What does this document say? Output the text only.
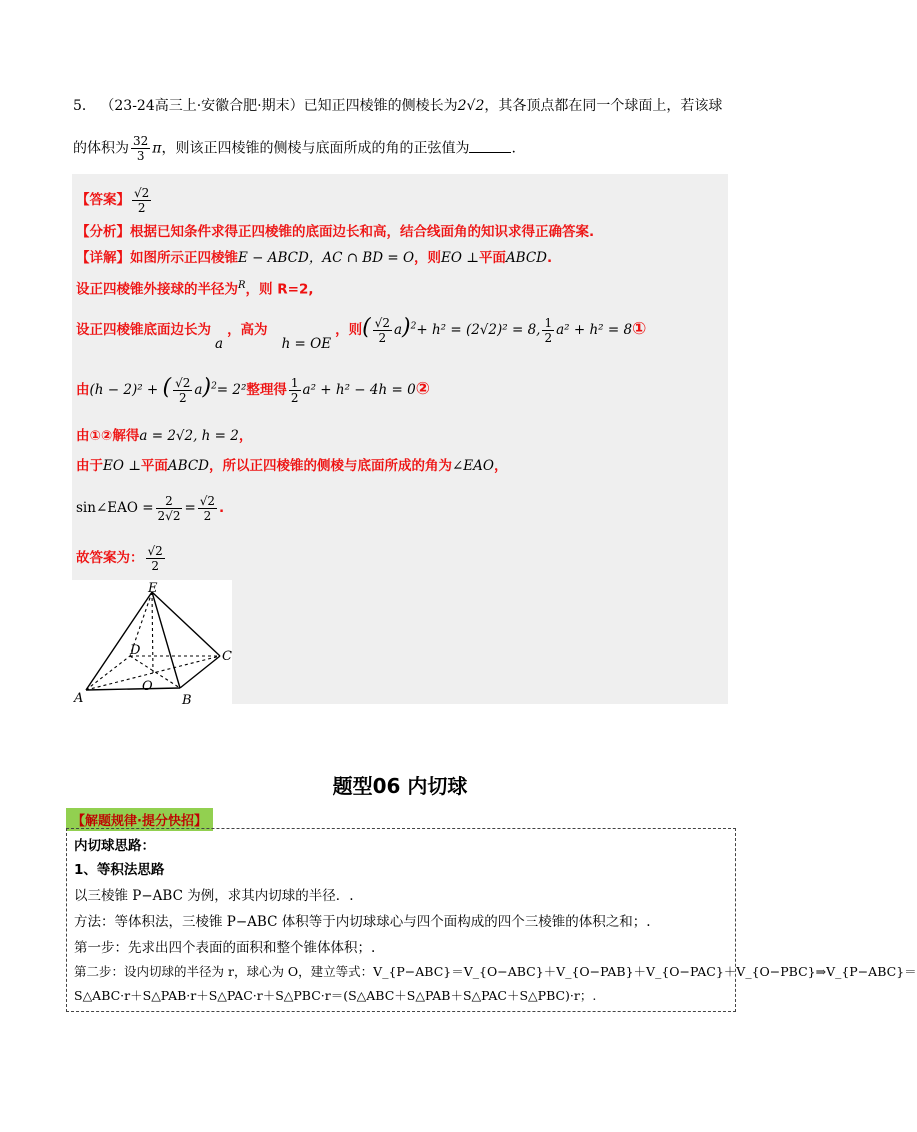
5． （23-24高三上·安徽合肥·期末）已知正四棱锥的侧棱长为2√2，其各顶点都在同一个球面上，若该球
的体积为 $\frac{32}{3}$ π，则该正四棱锥的侧棱与底面所成的角的正弦值为	.
【答案】 $\frac{√2}{2}$
【分析】根据已知条件求得正四棱锥的底面边长和高，结合线面角的知识求得正确答案.
【详解】如图所示正四棱锥E − ABCD，AC ∩ BD = O，则EO ⊥平面ABCD.
设正四棱锥外接球的半径为$^R$，则 R=2,
设正四棱锥底面边长为a，高为h = OE，则( $\frac{√2}{2} a)^2+ h^2 = (2√2)^2 = 8$, $\frac{1}{2} a^2 + h^2$ = 8①
由(h − 2)² + ( $\frac{√2}{2} a)^2= 2^2$整理得 $\frac{1}{2} a^2 + h^2 - 4h$ = 0②
由①②解得a = 2√2, h = 2，
由于EO ⊥平面ABCD，所以正四棱锥的侧棱与底面所成的角为∠EAO，
sin∠EAO = $\frac{2}{2√2} = \frac{√2}{2}$ .
故答案为： $\frac{√2}{2}$
E
D	C
O
A	B
题型06 内切球
【解题规律·提分快招】
内切球思路：
1、等积法思路
以三棱锥 P−ABC 为例，求其内切球的半径．.
方法：等体积法，三棱锥 P−ABC 体积等于内切球球心与四个面构成的四个三棱锥的体积之和；.
第一步：先求出四个表面的面积和整个锥体体积；.
第二步：设内切球的半径为 r，球心为 O，建立等式：V_{P−ABC}＝V_{O−ABC}＋V_{O−PAB}＋V_{O−PAC}＋V_{O−PBC}⇒V_{P−ABC}＝
S△ABC·r＋S△PAB·r＋S△PAC·r＋S△PBC·r＝(S△ABC＋S△PAB＋S△PAC＋S△PBC)·r；.
